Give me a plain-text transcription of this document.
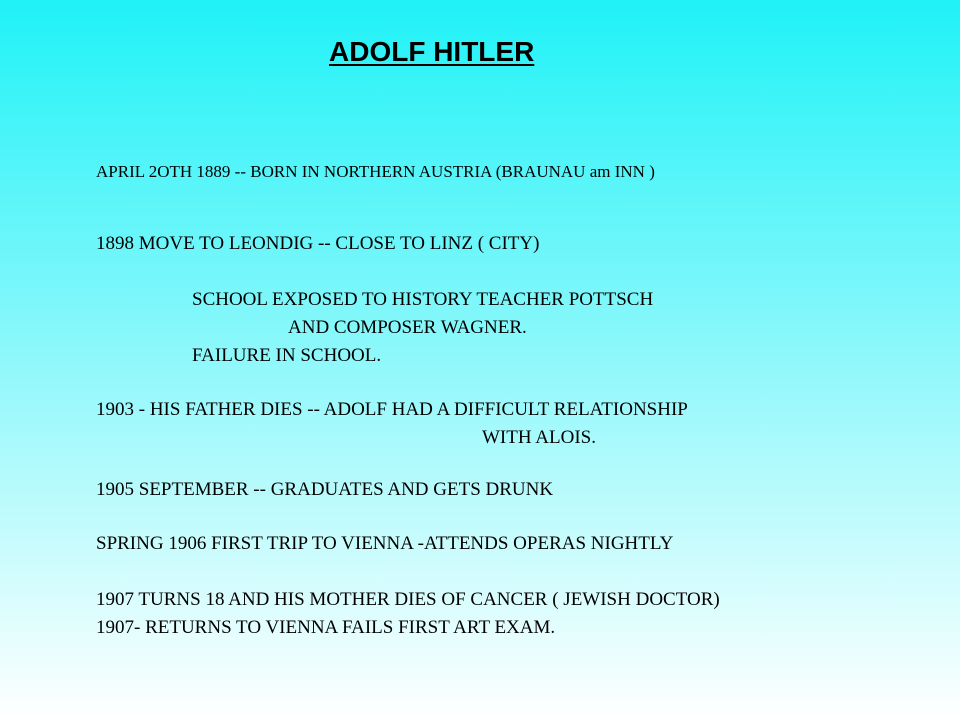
ADOLF HITLER
APRIL 2OTH 1889 -- BORN IN NORTHERN AUSTRIA (BRAUNAU am INN )
1898 MOVE TO LEONDIG -- CLOSE TO LINZ ( CITY)
SCHOOL EXPOSED TO HISTORY TEACHER POTTSCH
AND COMPOSER WAGNER.
FAILURE IN SCHOOL.
1903 - HIS FATHER DIES -- ADOLF HAD A DIFFICULT RELATIONSHIP
WITH ALOIS.
1905 SEPTEMBER -- GRADUATES AND GETS DRUNK
SPRING 1906 FIRST TRIP TO VIENNA -ATTENDS OPERAS NIGHTLY
1907 TURNS 18 AND HIS MOTHER DIES OF CANCER ( JEWISH DOCTOR)
1907- RETURNS TO VIENNA FAILS FIRST ART EXAM.
